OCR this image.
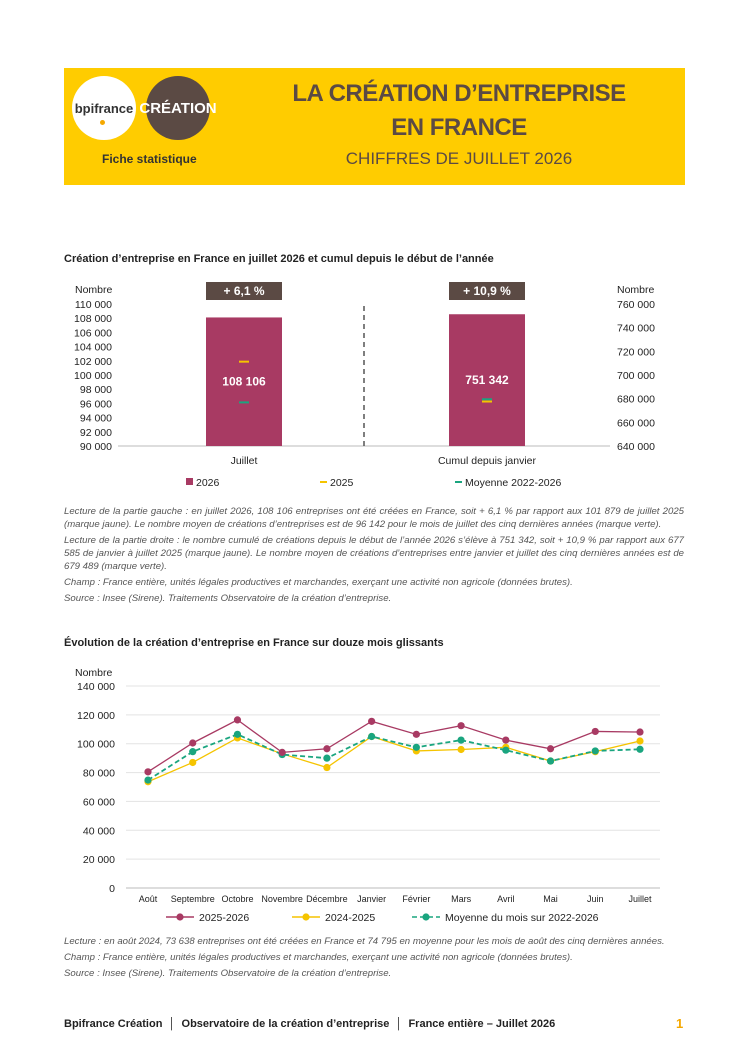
bpifrance CRÉATION
Fiche statistique
LA CRÉATION D’ENTREPRISE
EN FRANCE
CHIFFRES DE JUILLET 2026
Création d’entreprise en France en juillet 2026 et cumul depuis le début de l’année
Nombre
90 000
92 000
94 000
96 000
98 000
100 000
102 000
104 000
106 000
108 000
110 000
Nombre
640 000
660 000
680 000
700 000
720 000
740 000
760 000
108 106
+ 6,1 %
Juillet
751 342
+ 10,9 %
Cumul depuis janvier
2026	2025	Moyenne 2022-2026

Lecture de la partie gauche : en juillet 2026, 108 106 entreprises ont été créées en France, soit + 6,1 % par rapport aux 101 879 de juillet 2025 (marque jaune). Le nombre moyen de créations d’entreprises est de 96 142 pour le mois de juillet des cinq dernières années (marque verte).

Lecture de la partie droite : le nombre cumulé de créations depuis le début de l’année 2026 s’élève à 751 342, soit + 10,9 % par rapport aux 677 585 de janvier à juillet 2025 (marque jaune). Le nombre moyen de créations d’entreprises entre janvier et juillet des cinq dernières années est de 679 489 (marque verte).

Champ : France entière, unités légales productives et marchandes, exerçant une activité non agricole (données brutes).

Source : Insee (Sirene). Traitements Observatoire de la création d’entreprise.

Évolution de la création d’entreprise en France sur douze mois glissants
Nombre
0
20 000
40 000
60 000
80 000
100 000
120 000
140 000
Août Septembre Octobre Novembre Décembre Janvier Février Mars	Avril	Mai	Juin	Juillet
2025-2026	2024-2025	Moyenne du mois sur 2022-2026

Lecture : en août 2024, 73 638 entreprises ont été créées en France et 74 795 en moyenne pour les mois de août des cinq dernières années.

Champ : France entière, unités légales productives et marchandes, exerçant une activité non agricole (données brutes).

Source : Insee (Sirene). Traitements Observatoire de la création d’entreprise.

Bpifrance Création  │  Observatoire de la création d’entreprise  │  France entière – Juillet 2026	1
